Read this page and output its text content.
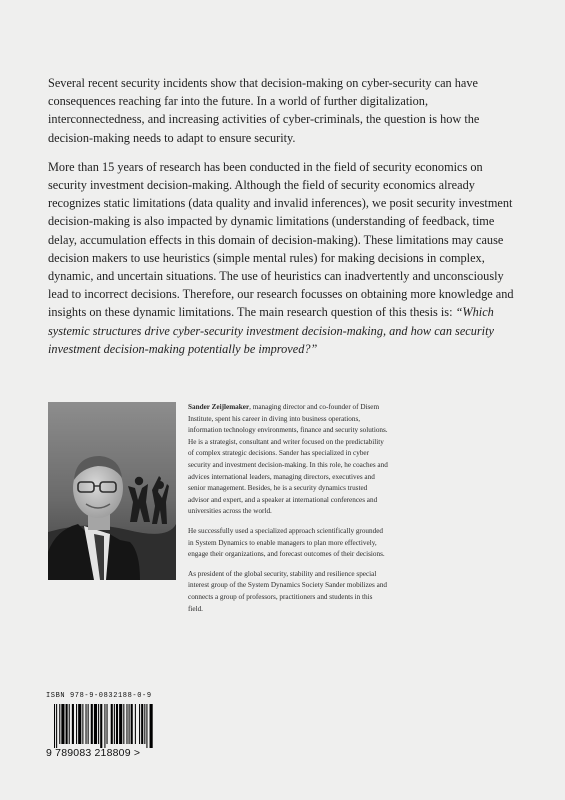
Several recent security incidents show that decision-making on cyber-security can have consequences reaching far into the future. In a world of further digitalization, interconnectedness, and increasing activities of cyber-criminals, the question is how the decision-making needs to adapt to ensure security.

More than 15 years of research has been conducted in the field of security economics on security investment decision-making. Although the field of security economics already recognizes static limitations (data quality and invalid inferences), we posit security investment decision-making is also impacted by dynamic limitations (understanding of feedback, time delay, accumulation effects in this domain of decision-making). These limitations may cause decision makers to use heuristics (simple mental rules) for making decisions in complex, dynamic, and uncertain situations. The use of heuristics can inadvertently and unconsciously lead to incorrect decisions. Therefore, our research focusses on obtaining more knowledge and insights on these dynamic limitations. The main research question of this thesis is: “Which systemic structures drive cyber-security investment decision-making, and how can security investment decision-making potentially be improved?”

Sander Zeijlemaker, managing director and co-founder of Disem Institute, spent his career in diving into business operations, information technology environments, finance and security solutions. He is a strategist, consultant and writer focused on the predictability of complex strategic decisions. Sander has specialized in cyber security and investment decision-making. In this role, he coaches and advices international leaders, managing directors, executives and senior management. Besides, he is a security dynamics trusted advisor and expert, and a speaker at international conferences and universities across the world.

He successfully used a specialized approach scientifically grounded in System Dynamics to enable managers to plan more effectively, engage their organizations, and forecast outcomes of their decisions.

As president of the global security, stability and resilience special interest group of the System Dynamics Society Sander mobilizes and connects a group of professors, practitioners and students in this field.

ISBN 978-9-0832188-0-9
9 789083 218809 >
